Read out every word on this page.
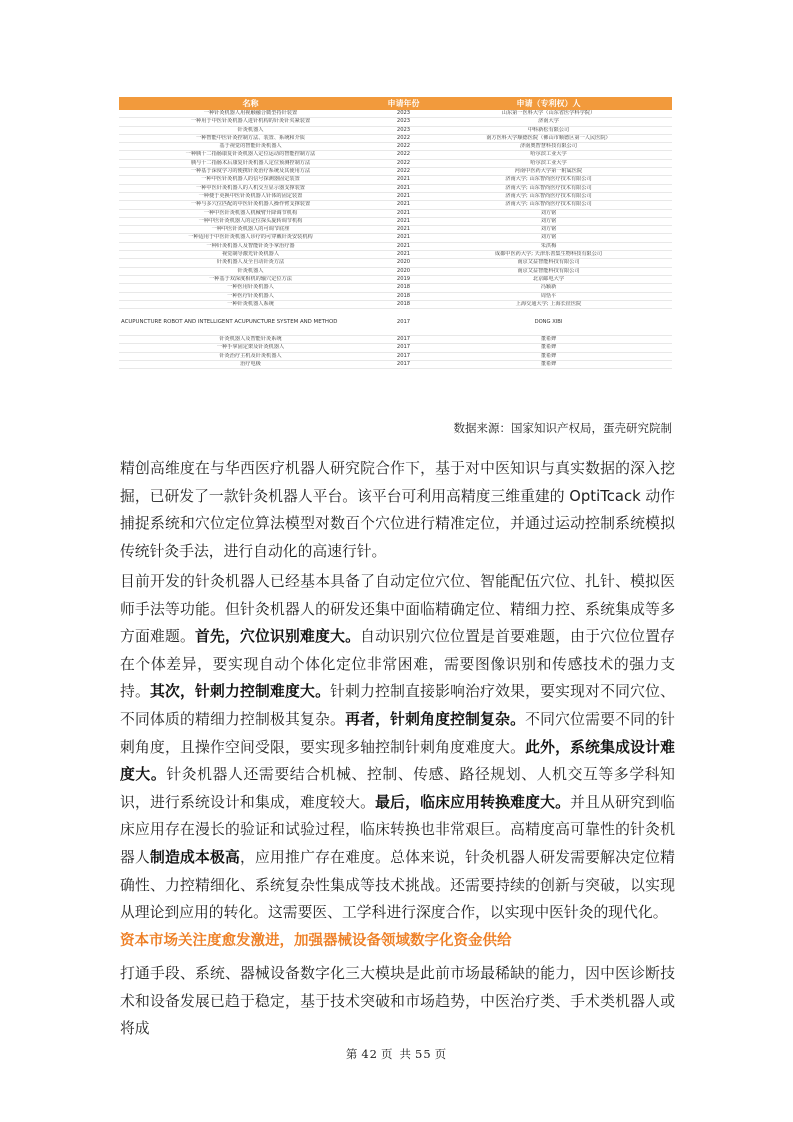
名称	申请年份	申请（专利权）人
一种针灸机器人用视触融合微型持针装置	2023	山东第一医科大学（山东省医学科学院）
一种用于中医针灸机器人进针机构的针灸针夹紧装置	2023	济南大学
针灸机器人	2023	中科新松有限公司
一种智能中医针灸控制方法、装置、系统和介质	2022	南方医科大学顺德医院（佛山市顺德区第一人民医院）
基于视觉的智能针灸机器人	2022	济南奥智慧科技有限公司
一种胰十二指肠康复针灸机器人定位运动的智能控制方法	2022	哈尔滨工业大学
胰与十二指肠术后康复针灸机器人定位预测控制方法	2022	哈尔滨工业大学
一种基于深度学习的便携针灸治疗系统及其使用方法	2022	河南中医药大学第一附属医院
一种中医针灸机器人的信号探测器固定装置	2021	济南大学; 山东智尚医疗技术有限公司
一种中医针灸机器人的人机交互显示器支撑装置	2021	济南大学; 山东智尚医疗技术有限公司
一种便于更换中医针灸机器人针体的固定装置	2021	济南大学; 山东智尚医疗技术有限公司
一种与多穴位匹配的中医针灸机器人操作臂支撑装置	2021	济南大学; 山东智尚医疗技术有限公司
一种中医针灸机器人机械臂升降调节机构	2021	刘方铭
一种中医针灸机器人的定位探头旋转调节机构	2021	刘方铭
一种中医针灸机器人的可调节底座	2021	刘方铭
一种适用于中医针灸机器人诊疗的可穿戴针灸安装机构	2021	刘方铭
一种针灸机器人及智能针灸手掌治疗器	2021	朱洪梅
视觉制导激光针灸机器人	2021	成都中医药大学; 天津乐善集生物科技有限公司
针灸机器人及全自动针灸方法	2020	南京艾益智能科技有限公司
针灸机器人	2020	南京艾益智能科技有限公司
一种基于双深度相机的输穴定位方法	2019	北京邮电大学
一种医用针灸机器人	2018	冯颖新
一种医疗针灸机器人	2018	周恬平
一种针灸机器人系统	2018	上海交通大学; 上海长征医院
ACUPUNCTURE ROBOT AND INTELLIGENT ACUPUNCTURE SYSTEM AND METHOD	2017	DONG XIBI
针灸机器人及智能针灸系统	2017	董希婢
一种手掌固定架及针灸机器人	2017	董希婢
针灸治疗主机及针灸机器人	2017	董希婢
治疗电极	2017	董希婢
数据来源：国家知识产权局，蛋壳研究院制

精创高维度在与华西医疗机器人研究院合作下，基于对中医知识与真实数据的深入挖掘，已研发了一款针灸机器人平台。该平台可利用高精度三维重建的 OptiTcack 动作捕捉系统和穴位定位算法模型对数百个穴位进行精准定位，并通过运动控制系统模拟传统针灸手法，进行自动化的高速行针。

目前开发的针灸机器人已经基本具备了自动定位穴位、智能配伍穴位、扎针、模拟医师手法等功能。但针灸机器人的研发还集中面临精确定位、精细力控、系统集成等多方面难题。首先，穴位识别难度大。自动识别穴位位置是首要难题，由于穴位位置存在个体差异，要实现自动个体化定位非常困难，需要图像识别和传感技术的强力支持。其次，针刺力控制难度大。针刺力控制直接影响治疗效果，要实现对不同穴位、不同体质的精细力控制极其复杂。再者，针刺角度控制复杂。不同穴位需要不同的针刺角度，且操作空间受限，要实现多轴控制针刺角度难度大。此外，系统集成设计难度大。针灸机器人还需要结合机械、控制、传感、路径规划、人机交互等多学科知识，进行系统设计和集成，难度较大。最后，临床应用转换难度大。并且从研究到临床应用存在漫长的验证和试验过程，临床转换也非常艰巨。高精度高可靠性的针灸机器人制造成本极高，应用推广存在难度。总体来说，针灸机器人研发需要解决定位精确性、力控精细化、系统复杂性集成等技术挑战。还需要持续的创新与突破，以实现从理论到应用的转化。这需要医、工学科进行深度合作，以实现中医针灸的现代化。

资本市场关注度愈发激进，加强器械设备领域数字化资金供给

打通手段、系统、器械设备数字化三大模块是此前市场最稀缺的能力，因中医诊断技术和设备发展已趋于稳定，基于技术突破和市场趋势，中医治疗类、手术类机器人或将成

第 42 页 共 55 页
